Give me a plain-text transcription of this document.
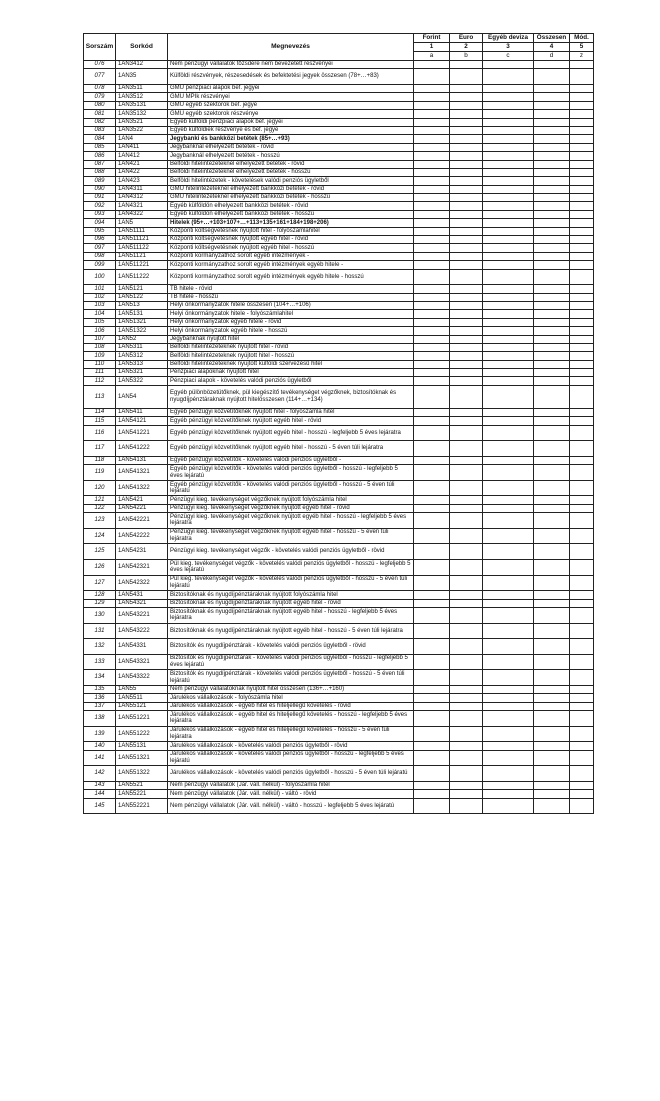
Sorszám	Sorkód	Megnevezés	Forint	Euro	Egyéb deviza	Összesen	Mód.
			1	2	3	4	5
			a	b	c	d	z
076	1AN3412	Nem pénzügyi vállalatok tőzsdére nem bevezetett részvényei					
077	1AN35	Külföldi részvények, részesedések és befektetési jegyek összesen (78+…+83)					
078	1AN3511	GMU pénzpiaci alapok bef. jegyei					
079	1AN3512	GMU MPIk részvényei					
080	1AN35131	GMU egyéb szektorok bef. jegye					
081	1AN35132	GMU egyéb szektorok részvénye					
082	1AN3521	Egyéb külföldi pénzpiaci alapok bef. jegyei					
083	1AN3522	Egyéb külföldiek részvénye és bef. jegye					
084	1AN4	Jegybanki és bankközi betétek (85+…+93)					
085	1AN411	Jegybanknál elhelyezett betétek - rövid					
086	1AN412	Jegybanknál elhelyezett betétek - hosszú					
087	1AN421	Belföldi hitelintézeteknél elhelyezett betétek - rövid					
088	1AN422	Belföldi hitelintézeteknél elhelyezett betétek - hosszú					
089	1AN423	Belföldi hitelintézetek - követelések valódi penziós ügyletből					
090	1AN4311	GMU hitelintézeteknél elhelyezett bankközi betétek - rövid					
091	1AN4312	GMU hitelintézeteknél elhelyezett bankközi betétek - hosszú					
092	1AN4321	Egyéb külföldön elhelyezett bankközi betétek - rövid					
093	1AN4322	Egyéb külföldön elhelyezett bankközi betétek - hosszú					
094	1AN5	Hitelek (95+…+103+107+…+113+135+161+184+198+206)					
095	1AN51111	Központi költségvetésnek nyújtott hitel - folyószámlahitel					
096	1AN511121	Központi költségvetésnek nyújtott egyéb hitel - rövid					
097	1AN511122	Központi költségvetésnek nyújtott egyéb hitel - hosszú					
098	1AN51121	Központi kormányzathoz sorolt egyéb intézmények -					
099	1AN511221	Központi kormányzathoz sorolt egyéb intézmények egyéb hitele -					
100	1AN511222	Központi kormányzathoz sorolt egyéb intézmények egyéb hitele - hosszú					
101	1AN5121	TB hitele - rövid					
102	1AN5122	TB hitele - hosszú					
103	1AN513	Helyi önkormányzatok hitele összesen (104+…+106)					
104	1AN5131	Helyi önkormányzatok hitele - folyószámlahitel					
105	1AN51321	Helyi önkormányzatok egyéb hitele - rövid					
106	1AN51322	Helyi önkormányzatok egyéb hitele - hosszú					
107	1AN52	Jegybanknak nyújtott hitel					
108	1AN5311	Belföldi hitelintézeteknek nyújtott hitel - rövid					
109	1AN5312	Belföldi hitelintézeteknek nyújtott hitel - hosszú					
110	1AN5313	Belföldi hitelintézeteknek nyújtott külföldi szervezésű hitel					
111	1AN5321	Pénzpiaci alapoknak nyújtott hitel					
112	1AN5322	Pénzpiaci alapok - követelés valódi penziós ügyletből					
113	1AN54	Egyéb pülönbözetütőknek, pül kiegészítő tevékenységet végzőknek, biztosítóknak és nyugdíjpénztáraknak nyújtott hitelösszesen (114+…+134)					
114	1AN5411	Egyéb pénzügyi közvetítőknek nyújtott hitel - folyószámla hitel					
115	1AN54121	Egyéb pénzügyi közvetítőknek nyújtott egyéb hitel - rövid					
116	1AN541221	Egyéb pénzügyi közvetítőknek nyújtott egyéb hitel - hosszú - legfeljebb 5 éves lejáratra					
117	1AN541222	Egyéb pénzügyi közvetítőknek nyújtott egyéb hitel - hosszú - 5 éven túli lejáratra					
118	1AN54131	Egyéb pénzügyi közvetítők - követelés valódi penziós ügyletből -					
119	1AN541321	Egyéb pénzügyi közvetítők - követelés valódi penziós ügyletből - hosszú - legfeljebb 5 éves lejáratú					
120	1AN541322	Egyéb pénzügyi közvetítők - követelés valódi penziós ügyletből - hosszú - 5 éven túli lejáratú					
121	1AN5421	Pénzügyi kieg. tevékenységet végzőknek nyújtott folyószámla hitel					
122	1AN54221	Pénzügyi kieg. tevékenységet végzőknek nyújtott egyéb hitel - rövid					
123	1AN542221	Pénzügyi kieg. tevékenységet végzőknek nyújtott egyéb hitel - hosszú - legfeljebb 5 éves lejáratra					
124	1AN542222	Pénzügyi kieg. tevékenységet végzőknek nyújtott egyéb hitel - hosszú - 5 éven túli lejáratra					
125	1AN54231	Pénzügyi kieg. tevékenységet végzők - követelés valódi penziós ügyletből - rövid					
126	1AN542321	Pül kieg. tevékenységet végzők - követelés valódi penziós ügyletből - hosszú - legfeljebb 5 éves lejáratú					
127	1AN542322	Pül kieg. tevékenységet végzők - követelés valódi penziós ügyletből - hosszú - 5 éven túli lejáratú					
128	1AN5431	Biztosítóknak és nyugdíjpénztáraknak nyújtott folyószámla hitel					
129	1AN54321	Biztosítóknak és nyugdíjpénztáraknak nyújtott egyéb hitel - rövid					
130	1AN543221	Biztosítóknak és nyugdíjpénztáraknak nyújtott egyéb hitel - hosszú - legfeljebb 5 éves lejáratra					
131	1AN543222	Biztosítóknak és nyugdíjpénztáraknak nyújtott egyéb hitel - hosszú - 5 éven túli lejáratra					
132	1AN54331	Biztosítók és nyugdíjpénztárak - követelés valódi penziós ügyletből - rövid					
133	1AN543321	Biztosítók és nyugdíjpénztárak - követelés valódi penziós ügyletből - hosszú - legfeljebb 5 éves lejáratú					
134	1AN543322	Biztosítók és nyugdíjpénztárak - követelés valódi penziós ügyletből - hosszú - 5 éven túli lejáratú					
135	1AN55	Nem pénzügyi vállalatoknak nyújtott hitel összesen (136+…+160)					
136	1AN5511	Járulékos vállalkozások - folyószámla hitel					
137	1AN55121	Járulékos vállalkozások - egyéb hitel és hiteljellegű követelés - rövid					
138	1AN551221	Járulékos vállalkozások - egyéb hitel és hiteljellegű követelés - hosszú - legfeljebb 5 éves lejáratra					
139	1AN551222	Járulékos vállalkozások - egyéb hitel és hiteljellegű követelés - hosszú - 5 éven túli lejáratra					
140	1AN55131	Járulékos vállalkozások - követelés valódi penziós ügyletből - rövid					
141	1AN551321	Járulékos vállalkozások - követelés valódi penziós ügyletből - hosszú - legfeljebb 5 éves lejáratú					
142	1AN551322	Járulékos vállalkozások - követelés valódi penziós ügyletből - hosszú - 5 éven túli lejáratú					
143	1AN5521	Nem pénzügyi vállalatok (Jár. váll. nélkül) - folyószámla hitel					
144	1AN55221	Nem pénzügyi vállalatok (Jár. váll. nélkül) - váltó - rövid					
145	1AN552221	Nem pénzügyi vállalatok (Jár. váll. nélkül) - váltó - hosszú - legfeljebb 5 éves lejáratú					
